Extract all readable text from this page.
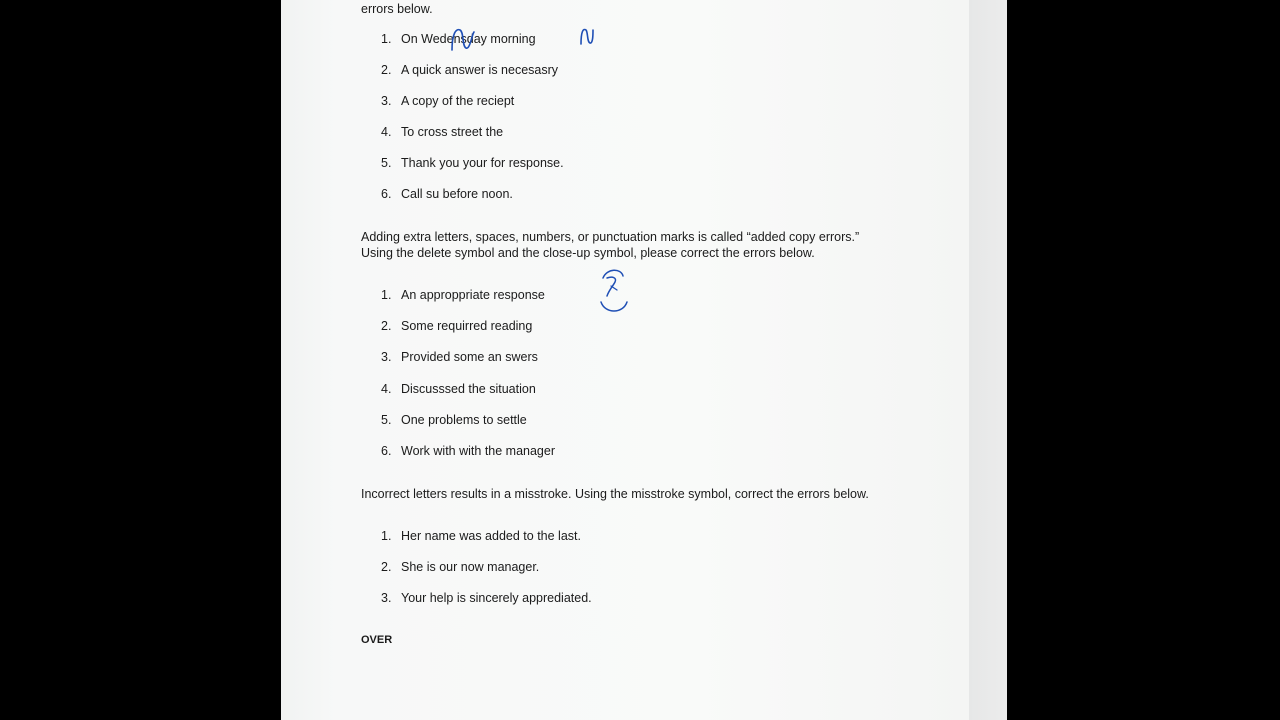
errors below.
1. On Wedensday morning
2. A quick answer is necesasry
3. A copy of the reciept
4. To cross street the
5. Thank you your for response.
6. Call su before noon.
Adding extra letters, spaces, numbers, or punctuation marks is called “added copy errors.” Using the delete symbol and the close-up symbol, please correct the errors below.
1. An approppriate response
2. Some requirred reading
3. Provided some an swers
4. Discusssed the situation
5. One problems to settle
6. Work with with the manager
Incorrect letters results in a misstroke. Using the misstroke symbol, correct the errors below.
1. Her name was added to the last.
2. She is our now manager.
3. Your help is sincerely apprediated.
OVER
